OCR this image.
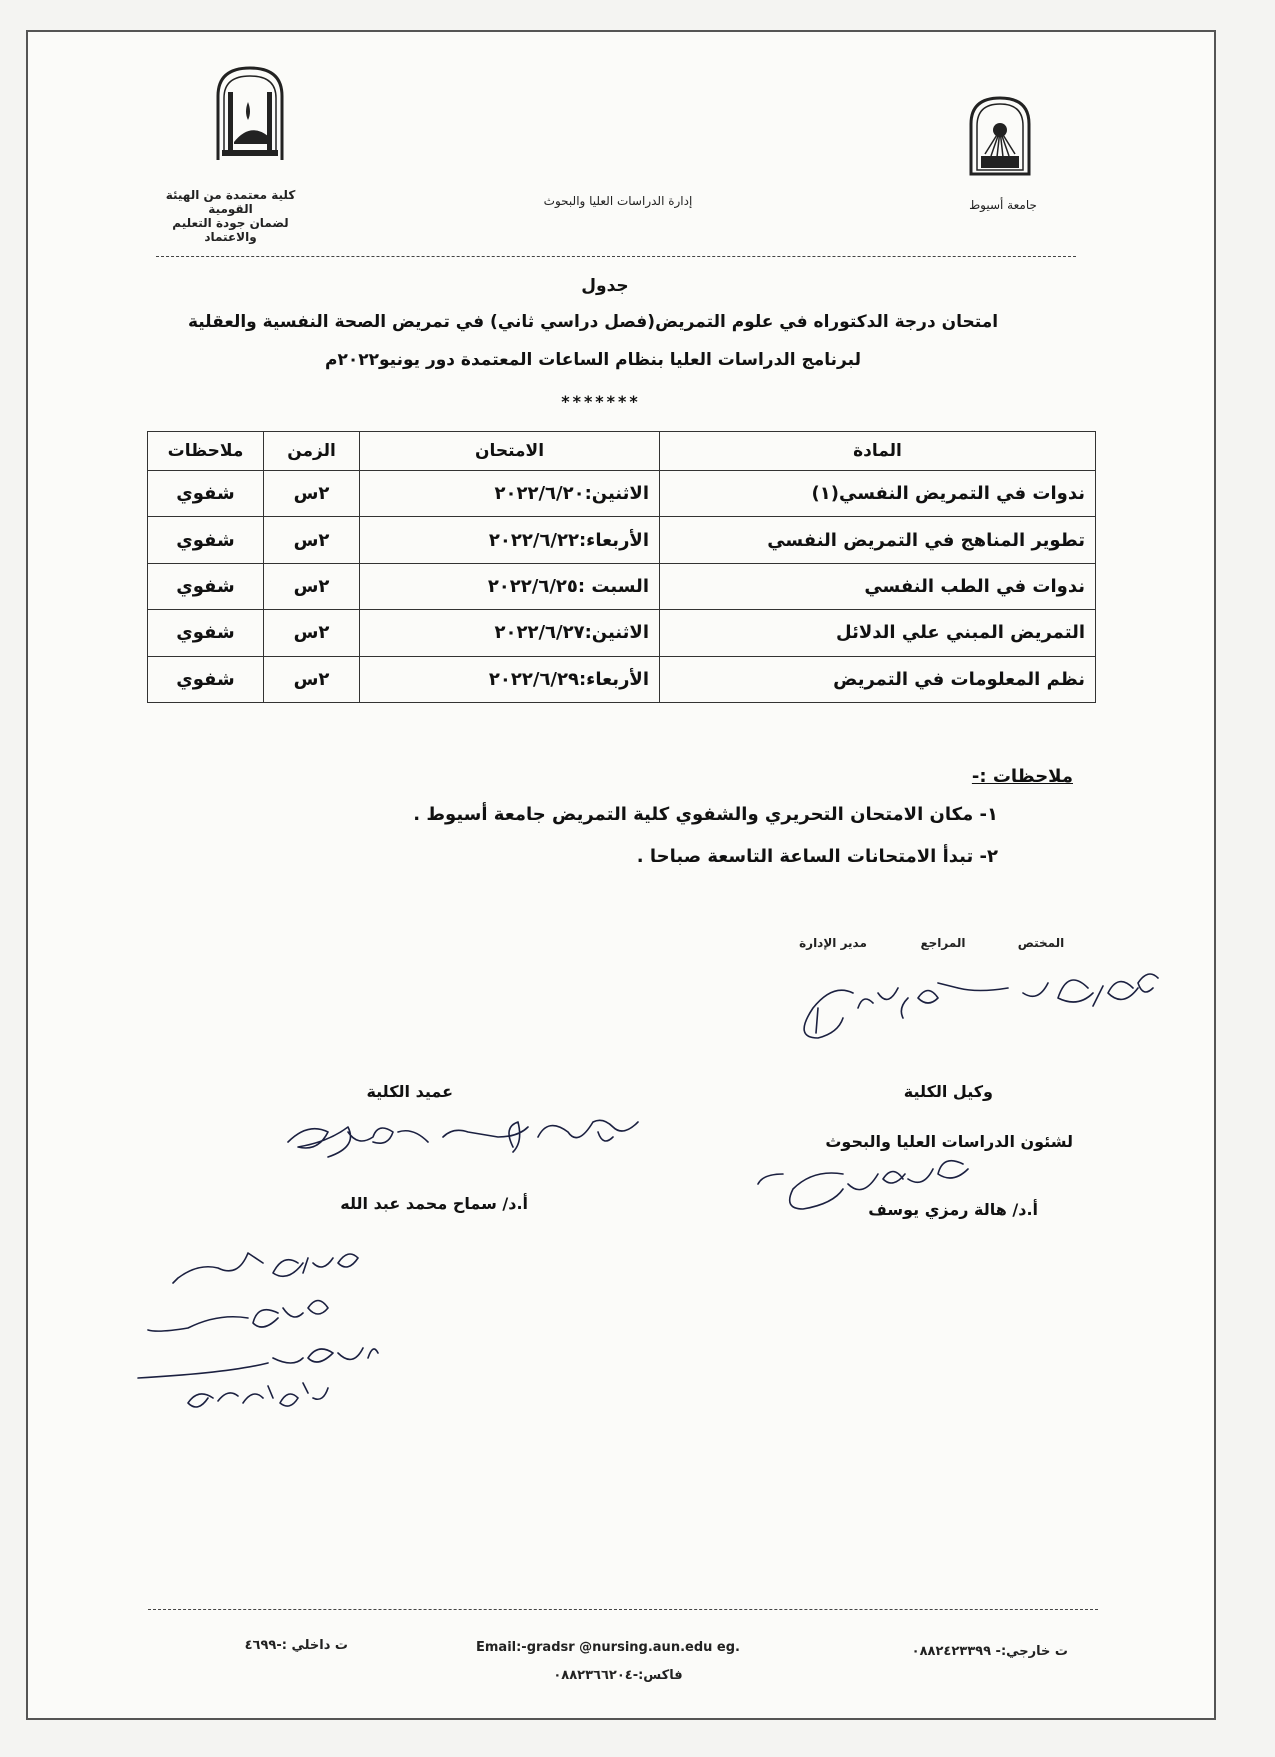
جامعة أسيوط
إدارة الدراسات العليا والبحوث
كلية معتمدة من الهيئة القومية
لضمان جودة التعليم والاعتماد
جدول
امتحان درجة الدكتوراه في علوم التمريض(فصل دراسي ثاني) في تمريض الصحة النفسية والعقلية
لبرنامج الدراسات العليا بنظام الساعات المعتمدة دور يونيو٢٠٢٢م
*******
المادة	الامتحان	الزمن	ملاحظات
ندوات في التمريض النفسي(١)	الاثنين:٢٠٢٢/٦/٢٠	٢س	شفوي
تطوير المناهج في التمريض النفسي	الأربعاء:٢٠٢٢/٦/٢٢	٢س	شفوي
ندوات في الطب النفسي	السبت :٢٠٢٢/٦/٢٥	٢س	شفوي
التمريض المبني علي الدلائل	الاثنين:٢٠٢٢/٦/٢٧	٢س	شفوي
نظم المعلومات في التمريض	الأربعاء:٢٠٢٢/٦/٢٩	٢س	شفوي
ملاحظات :-
١- مكان الامتحان التحريري والشفوي كلية التمريض جامعة أسيوط .
٢- تبدأ الامتحانات الساعة التاسعة صباحا .
المختص
المراجع
مدير الإدارة
وكيل الكلية
لشئون الدراسات العليا والبحوث
أ.د/ هالة رمزي يوسف
عميد الكلية
أ.د/ سماح محمد عبد الله
ت خارجي:- ٠٨٨٢٤٢٣٣٩٩
Email:-gradsr @nursing.aun.edu eg.
ت داخلي :-٤٦٩٩
فاكس:-٠٨٨٢٣٦٦٢٠٤
